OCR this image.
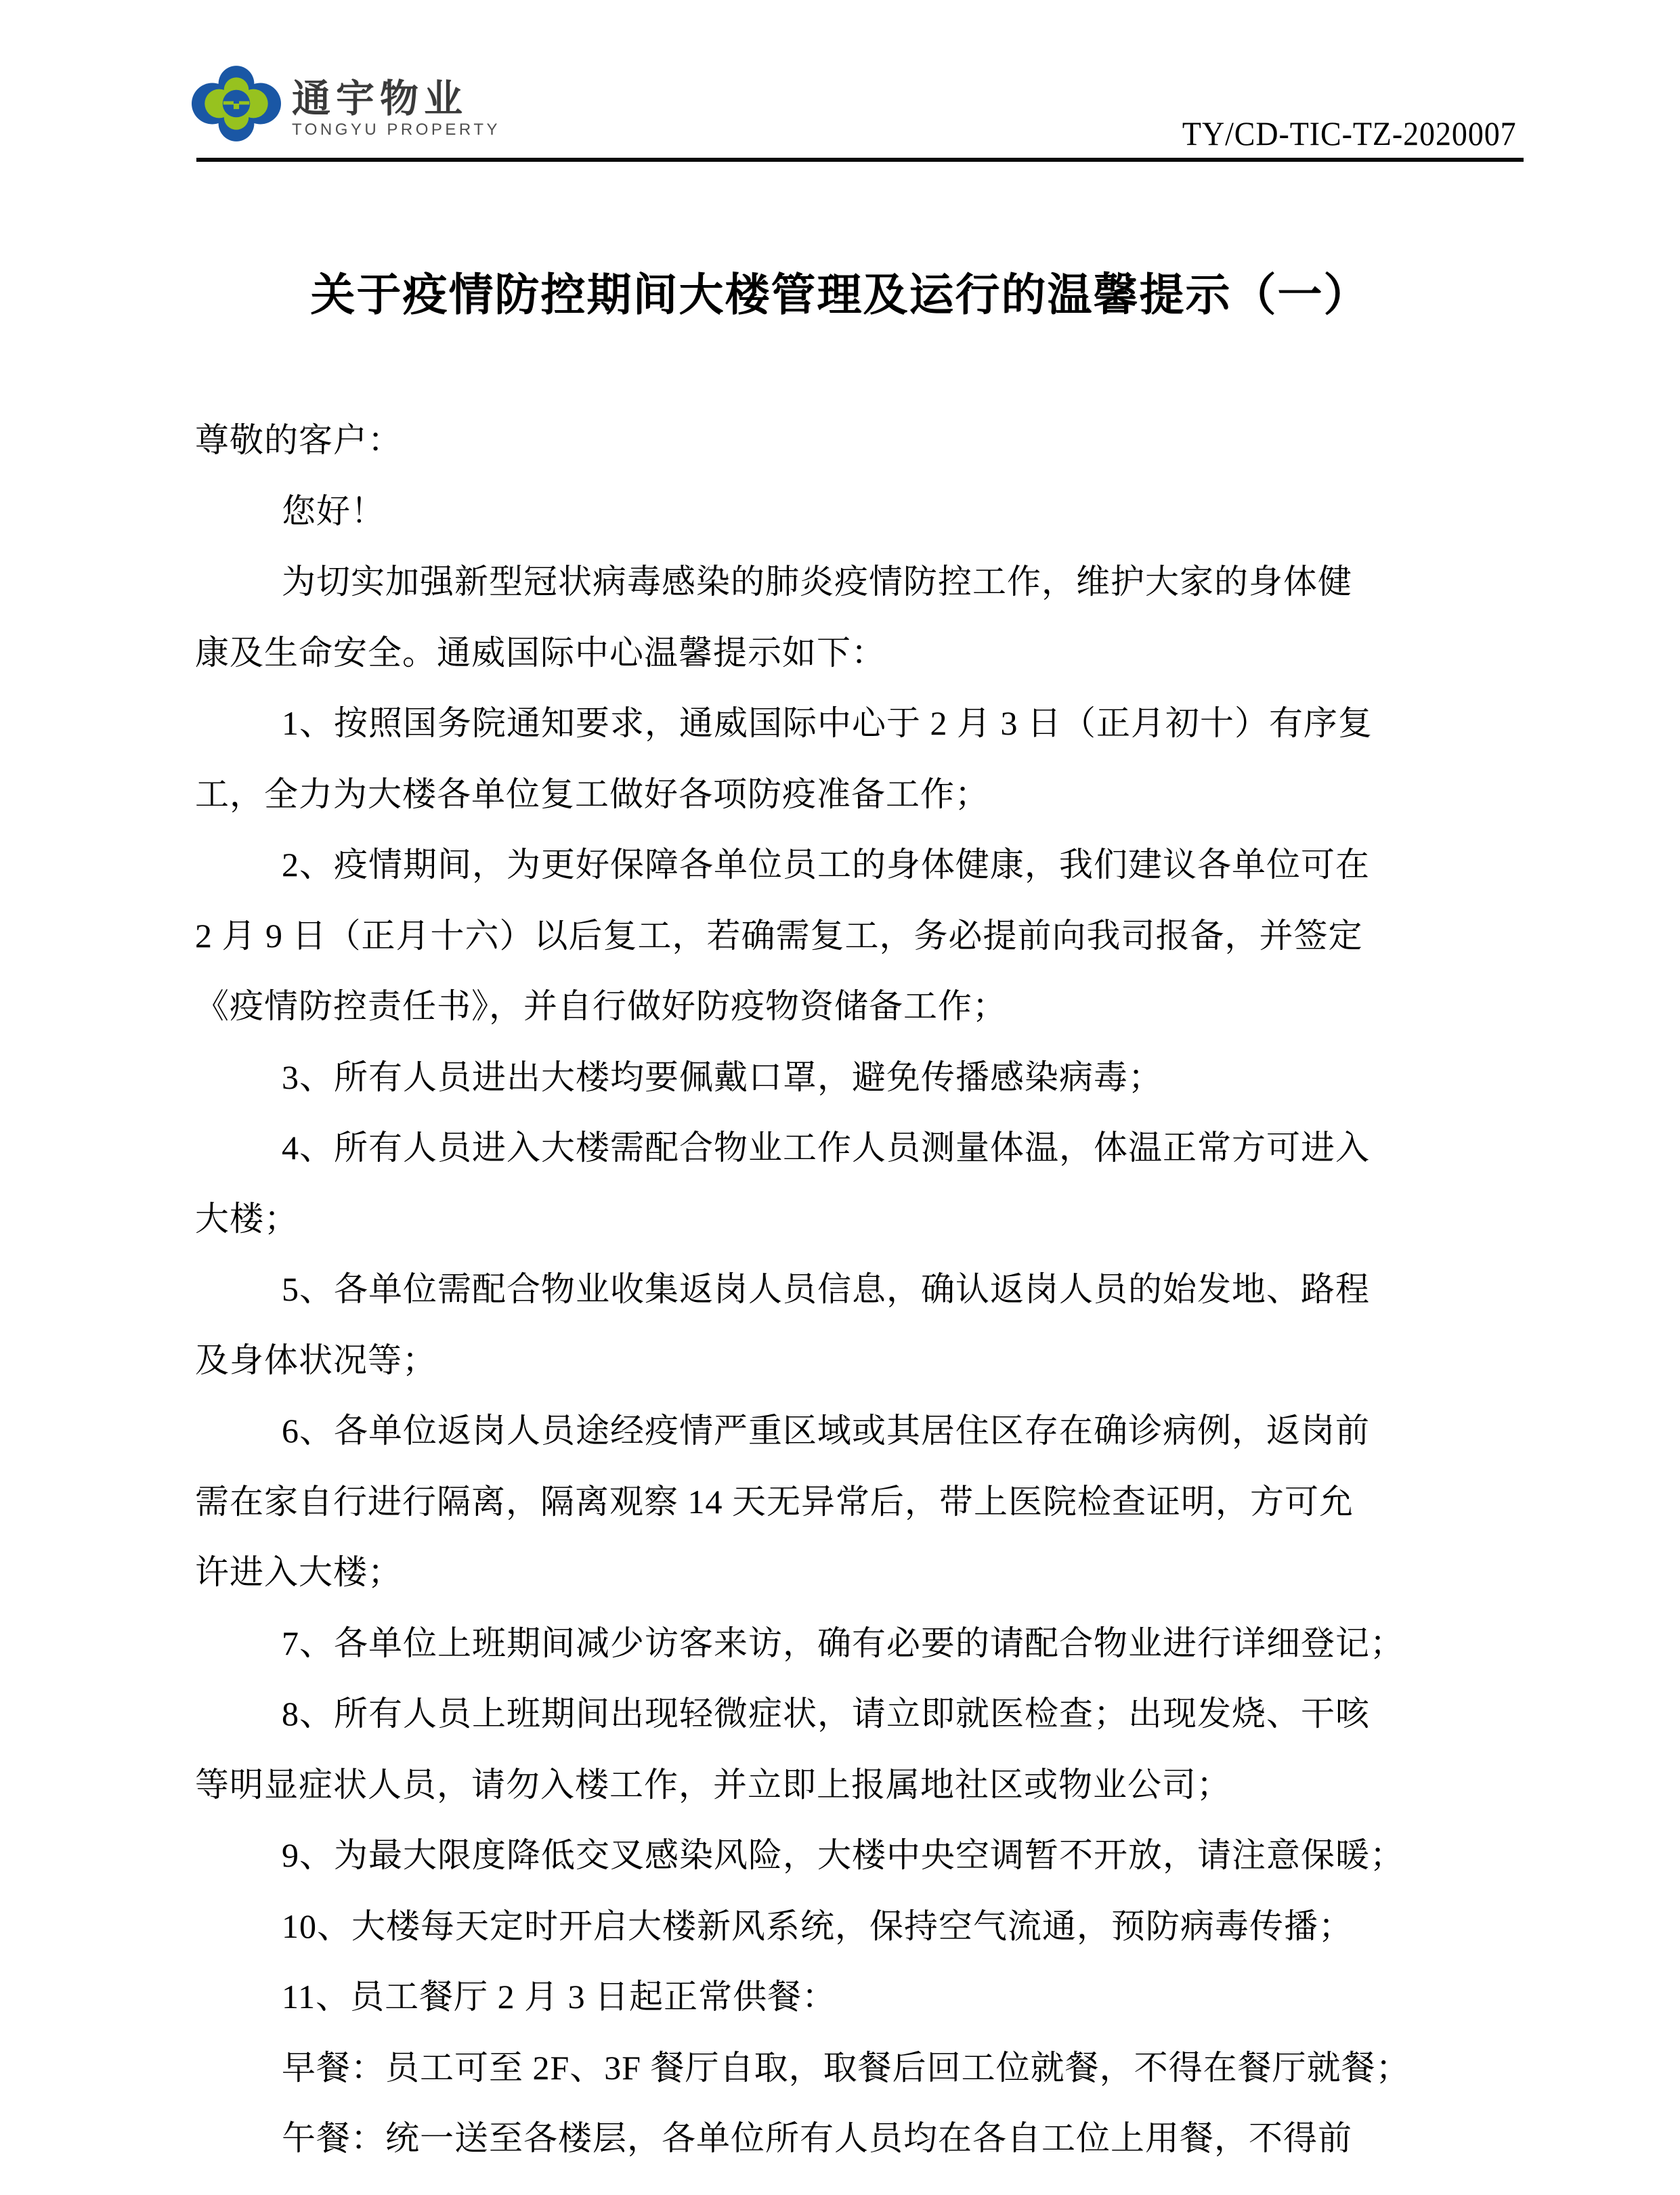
通宇物业
TONGYU PROPERTY	TY/CD-TIC-TZ-2020007
关于疫情防控期间大楼管理及运行的温馨提示（一）
尊敬的客户：
您好！
为切实加强新型冠状病毒感染的肺炎疫情防控工作，维护大家的身体健
康及生命安全。通威国际中心温馨提示如下：
1、按照国务院通知要求，通威国际中心于 2 月 3 日（正月初十）有序复
工，全力为大楼各单位复工做好各项防疫准备工作；
2、疫情期间，为更好保障各单位员工的身体健康，我们建议各单位可在
2 月 9 日（正月十六）以后复工，若确需复工，务必提前向我司报备，并签定
《疫情防控责任书》，并自行做好防疫物资储备工作；
3、所有人员进出大楼均要佩戴口罩，避免传播感染病毒；
4、所有人员进入大楼需配合物业工作人员测量体温，体温正常方可进入
大楼；
5、各单位需配合物业收集返岗人员信息，确认返岗人员的始发地、路程
及身体状况等；
6、各单位返岗人员途经疫情严重区域或其居住区存在确诊病例，返岗前
需在家自行进行隔离，隔离观察 14 天无异常后，带上医院检查证明，方可允
许进入大楼；
7、各单位上班期间减少访客来访，确有必要的请配合物业进行详细登记；
8、所有人员上班期间出现轻微症状，请立即就医检查；出现发烧、干咳
等明显症状人员，请勿入楼工作，并立即上报属地社区或物业公司；
9、为最大限度降低交叉感染风险，大楼中央空调暂不开放，请注意保暖；
10、大楼每天定时开启大楼新风系统，保持空气流通，预防病毒传播；
11、员工餐厅 2 月 3 日起正常供餐：
早餐：员工可至 2F、3F 餐厅自取，取餐后回工位就餐，不得在餐厅就餐；
午餐：统一送至各楼层，各单位所有人员均在各自工位上用餐，不得前
